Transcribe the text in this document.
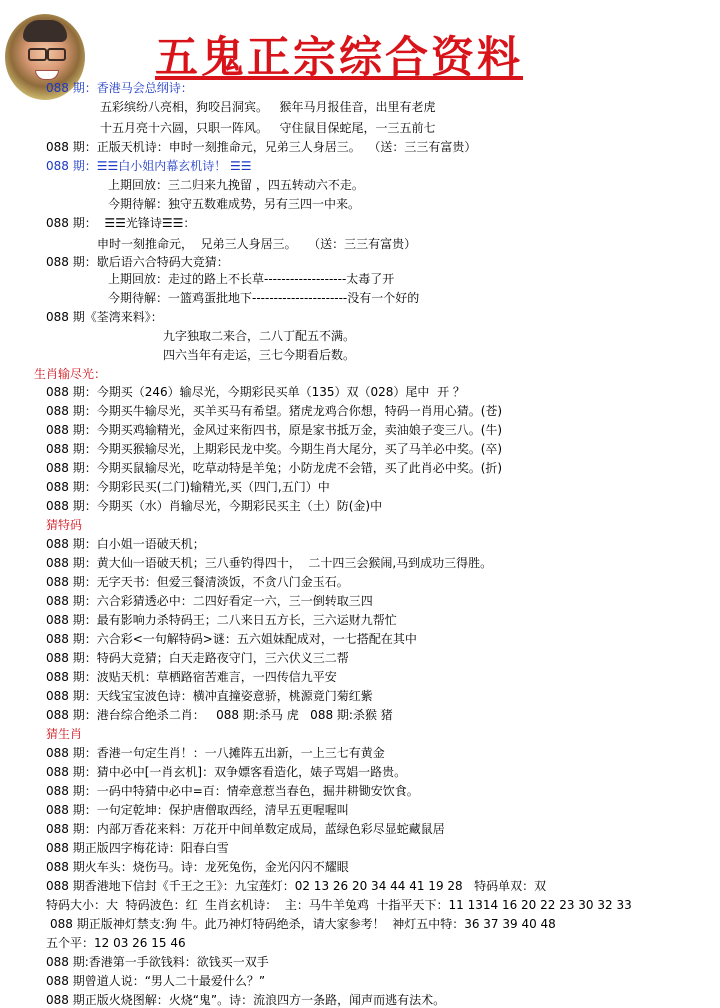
五鬼正宗综合资料
088 期：香港马会总纲诗：
五彩缤纷八亮相，狗咬吕洞宾。   猴年马月报佳音，出里有老虎
十五月亮十六圆，只职一阵风。   守住鼠目保蛇尾，一三五前七
088 期：正版天机诗：申时一刻推命元，兄弟三人身居三。  （送：三三有富贵）
088 期：☰☰白小姐内幕玄机诗！ ☰☰
上期回放：三二归来九挽留 ，四五转动六不走。
今期待解：独守五数难成势，另有三四一中来。
088 期：  ☰☰光锋诗☰☰：
申时一刻推命元，  兄弟三人身居三。   （送：三三有富贵）
088 期：歇后语六合特码大竞猜：
上期回放：走过的路上不长草-------------------太毒了开
今期待解：一篮鸡蛋批地下----------------------没有一个好的
088 期《荃湾来料》：
九字独取二来合，二八丁配五不满。
四六当年有走运，三七今期看后数。
生肖输尽光：
088 期：今期买（246）输尽光，今期彩民买单（135）双（028）尾中  开 ？
088 期：今期买牛输尽光，买羊买马有希望。猪虎龙鸡合你想，特码一肖用心猜。(苍)
088 期：今期买鸡输精光，金风过来衔四书，原是家书抵万金，卖油娘子变三八。(牛)
088 期：今期买猴输尽光，上期彩民龙中奖。今期生肖大尾分，买了马羊必中奖。(卒)
088 期：今期买鼠输尽光，吃草动特是羊兔；小防龙虎不会错，买了此肖必中奖。(折)
088 期：今期彩民买(二门)输精光,买（四门,五门）中
088 期：今期买（水）肖输尽光，今期彩民买主（土）防(金)中
猜特码
088 期：白小姐一语破天机；
088 期：黄大仙一语破天机；三八垂钓得四十，  二十四三会猴闹,马到成功三得胜。
088 期：无字天书：但爱三餐清淡饭，不贪八门金玉石。
088 期：六合彩猜透必中：二四好看定一六，三一倒转取三四
088 期：最有影响力杀特码王；二八来日五方长，三六运财九帮忙
088 期：六合彩<一句解特码>谜：五六姐妹配成对，一七搭配在其中
088 期：特码大竞猜；白天走路夜守门，三六伏义三二帮
088 期：波贴天机：草栖路宿苦难言，一四传信九平安
088 期：天线宝宝波色诗：横冲直撞姿意骄，桃源竟门菊红紫
088 期：港台综合绝杀二肖：   088 期:杀马 虎   088 期:杀猴 猪
猜生肖
088 期：香港一句定生肖！：一八摊阵五出新，一上三七有黄金
088 期：猜中必中[一肖玄机]：双争嫖客看造化，婊子骂娼一路贵。
088 期：一码中特猜中必中=百：情牵意惹当春色，掘井耕锄安饮食。
088 期：一句定乾坤：保护唐僧取西经，清早五更喔喔叫
088 期：内部万香花来料：万花开中间单数定成局，蓝绿色彩尽显蛇藏鼠居
088 期正版四字梅花诗：阳春白雪
088 期火车头：烧伤马。诗：龙死兔伤，金光闪闪不耀眼
088 期香港地下信封《千王之王》：九宝莲灯：02 13 26 20 34 44 41 19 28   特码单双：双
特码大小：大  特码波色：红  生肖玄机诗：  主：马牛羊兔鸡  十指平天下：11 1314 16 20 22 23 30 32 33
088 期正版神灯禁支:狗 牛。此乃神灯特码绝杀，请大家参考！  神灯五中特：36 37 39 40 48
五个平：12 03 26 15 46
088 期:香港第一手欲钱料：欲钱买一双手
088 期曾道人说：“男人二十最爱什么？”
088 期正版火烧图解：火烧“鬼”。诗：流浪四方一条路，闻声而逃有法术。
